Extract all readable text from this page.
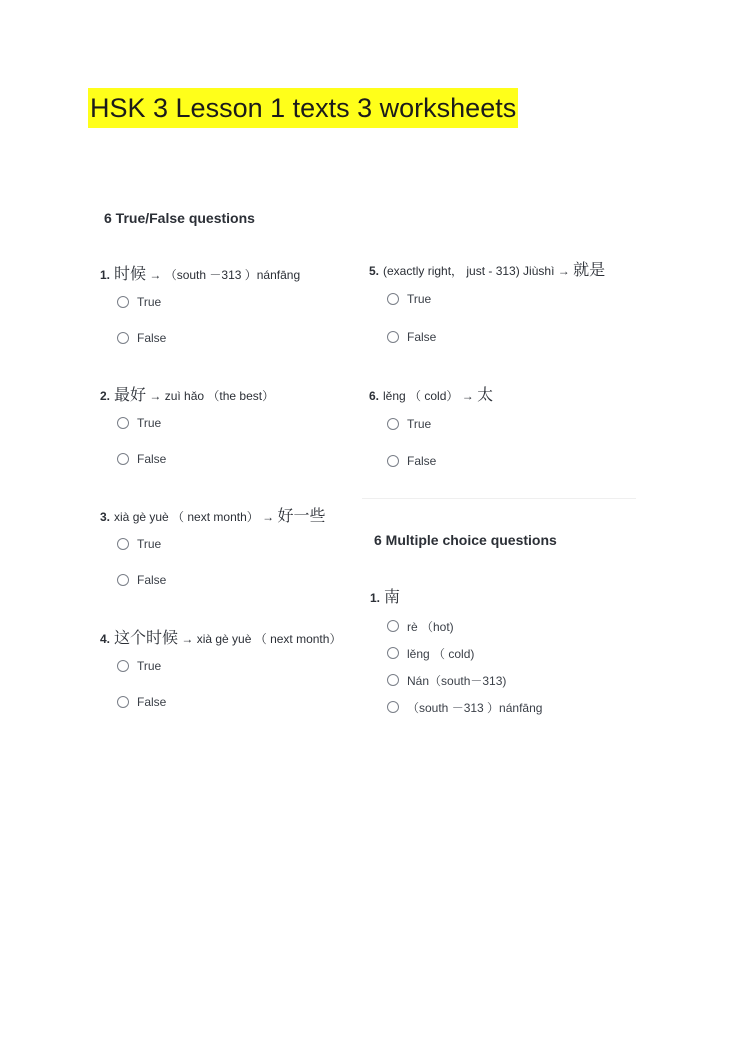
HSK 3 Lesson 1 texts 3 worksheets
6 True/False questions
1. 时候 → （south －313 ）nánfāng
True
False
2. 最好 → zuì hǎo （the best）
True
False
3. xià gè yuè （ next month） → 好一些
True
False
4. 这个时候 → xià gè yuè （ next month）
True
False
5. (exactly right， just - 313) Jiùshì → 就是
True
False
6. lěng （ cold） → 太
True
False
6 Multiple choice questions
1. 南
rè （hot)
lěng （ cold)
Nán（south－313)
（south －313 ）nánfāng
